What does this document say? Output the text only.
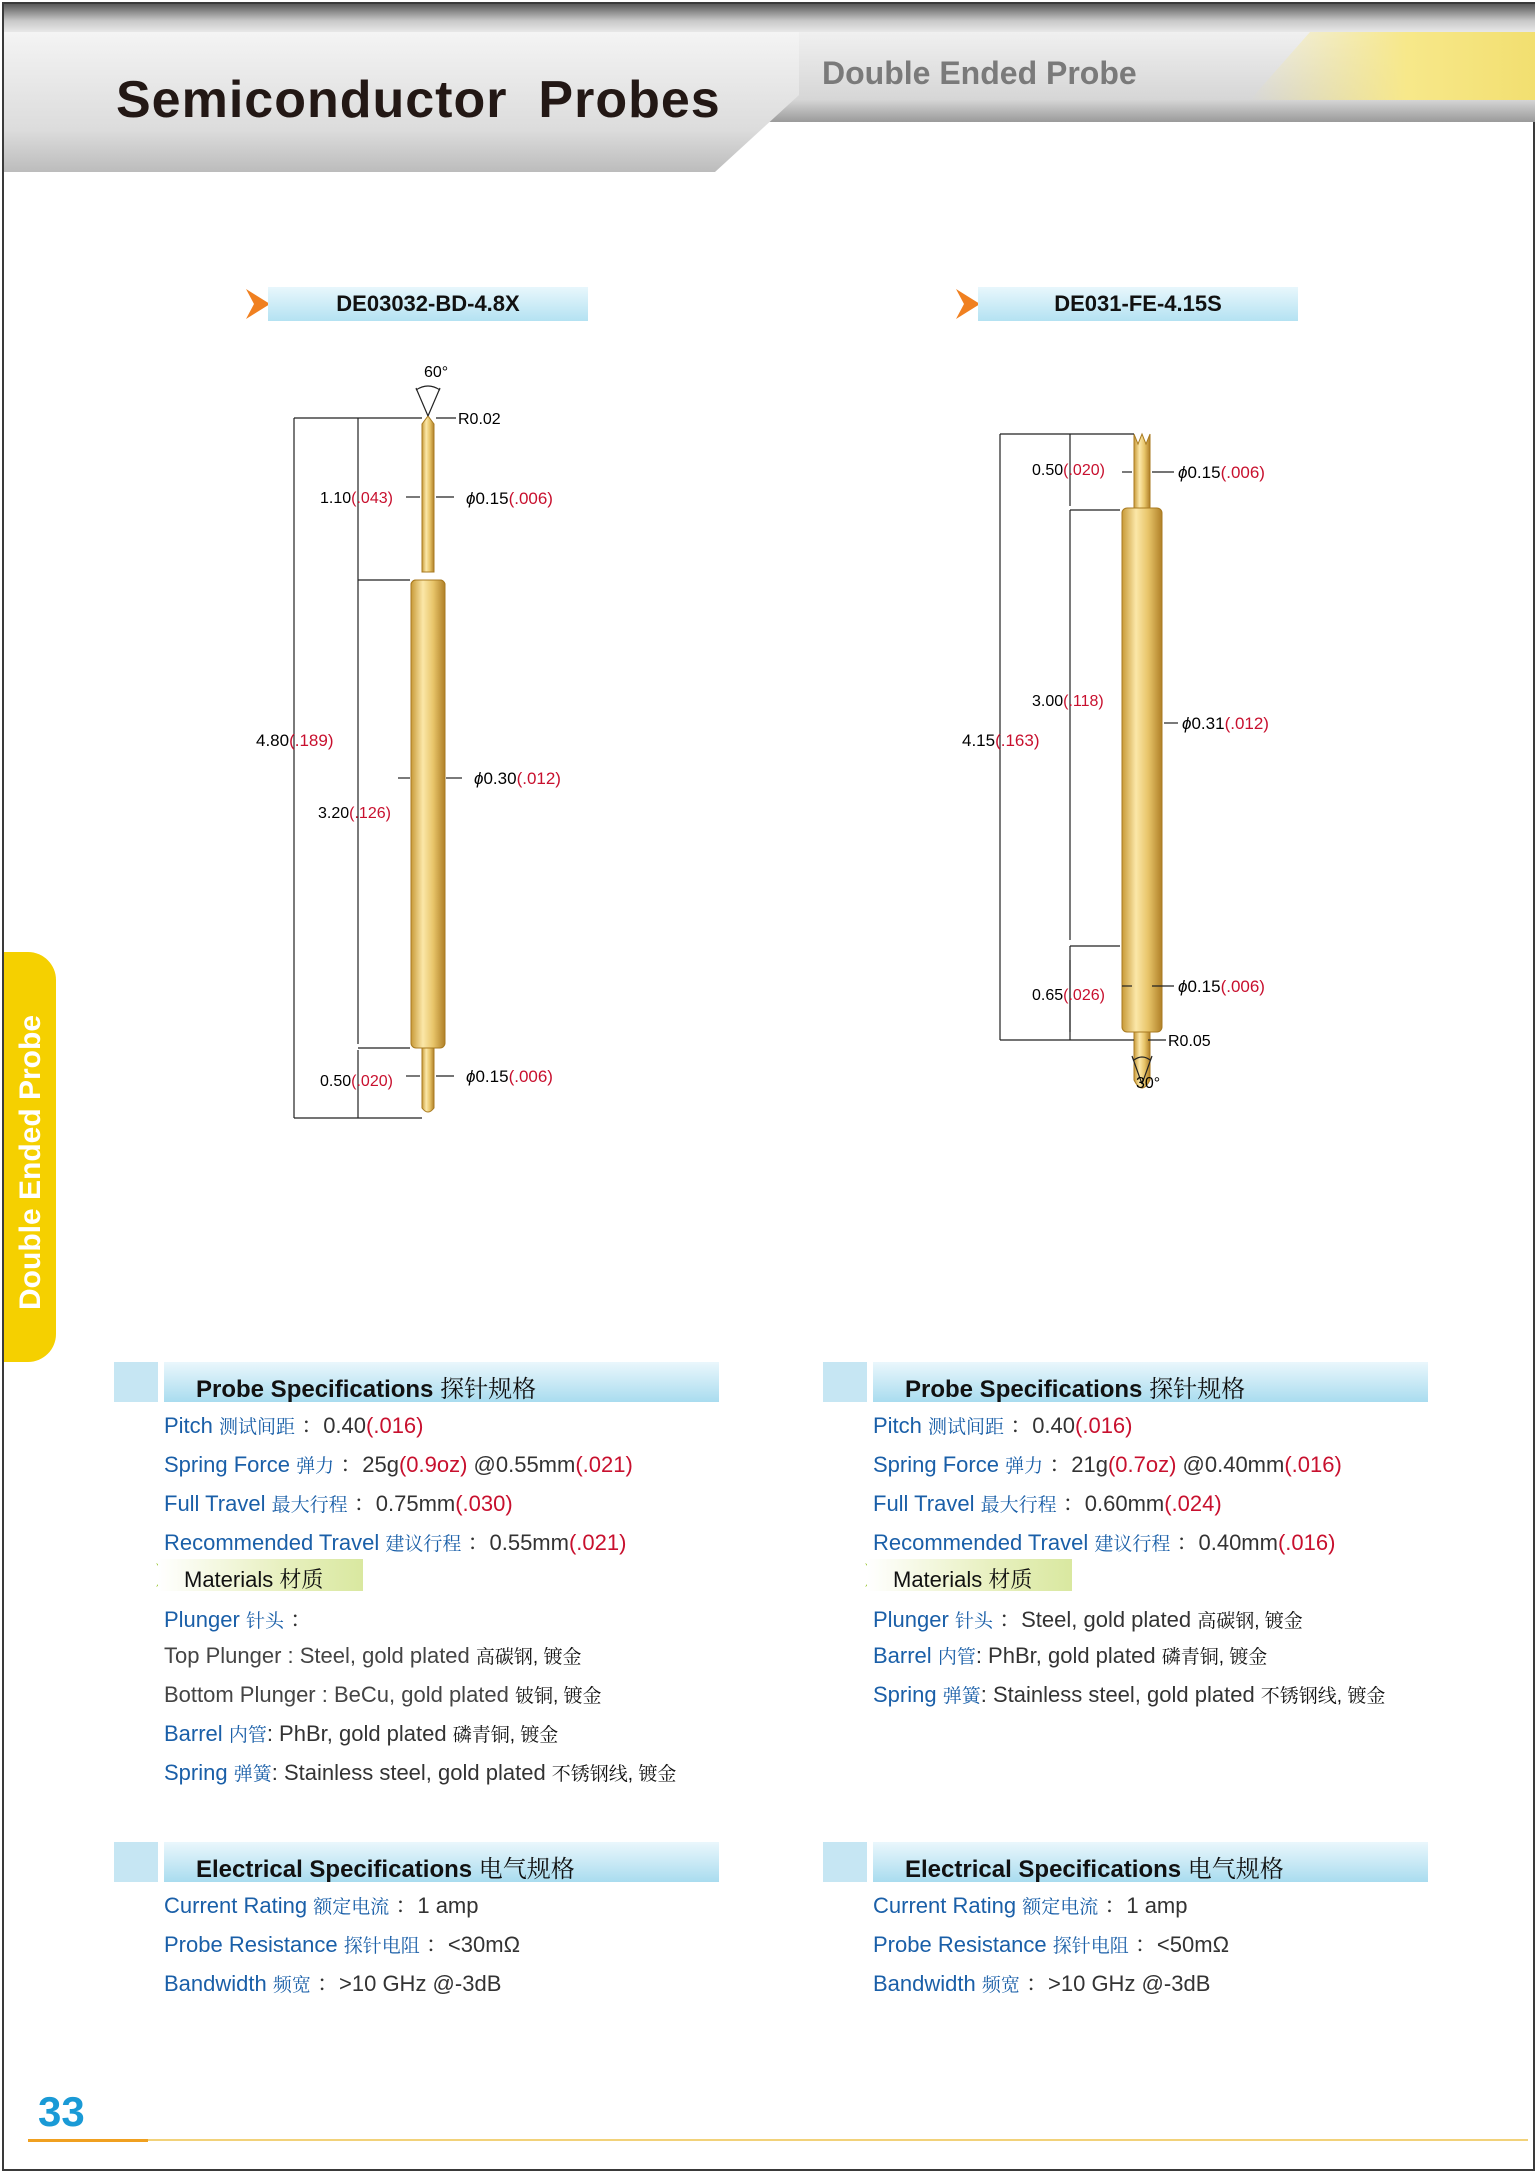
Semiconductor  Probes	Double Ended Probe
Double Ended Probe
DE03032-BD-4.8X	DE031-FE-4.15S
60°
R0.02
1.10(.043)	ϕ0.15(.006)
4.80(.189)
3.20(.126)
ϕ0.30(.012)
0.50(.020)	ϕ0.15(.006)
0.50(.020)	ϕ0.15(.006)
3.00(.118)
ϕ0.31(.012)
4.15(.163)
0.65(.026)	ϕ0.15(.006)
R0.05
30°
Probe Specifications 探针规格
Pitch 测试间距 ：0.40(.016)
Spring Force 弹力 ：25g(0.9oz) @0.55mm(.021)
Full Travel 最大行程 ：0.75mm(.030)
Recommended Travel 建议行程 ：0.55mm(.021)
Materials 材质
Plunger 针头 ：
Top Plunger : Steel, gold plated 高碳钢, 镀金
Bottom Plunger : BeCu, gold plated 铍铜, 镀金
Barrel 内管: PhBr, gold plated 磷青铜, 镀金
Spring 弹簧: Stainless steel, gold plated 不锈钢线, 镀金
Electrical Specifications 电气规格
Current Rating 额定电流 ：1 amp
Probe Resistance 探针电阻 ：<30mΩ
Bandwidth 频宽 ：>10 GHz @-3dB
Probe Specifications 探针规格
Pitch 测试间距 ：0.40(.016)
Spring Force 弹力 ：21g(0.7oz) @0.40mm(.016)
Full Travel 最大行程 ：0.60mm(.024)
Recommended Travel 建议行程 ：0.40mm(.016)
Materials 材质
Plunger 针头 ：Steel, gold plated 高碳钢, 镀金
Barrel 内管: PhBr, gold plated 磷青铜, 镀金
Spring 弹簧: Stainless steel, gold plated 不锈钢线, 镀金
Electrical Specifications 电气规格
Current Rating 额定电流 ：1 amp
Probe Resistance 探针电阻 ：<50mΩ
Bandwidth 频宽 ：>10 GHz @-3dB
33
